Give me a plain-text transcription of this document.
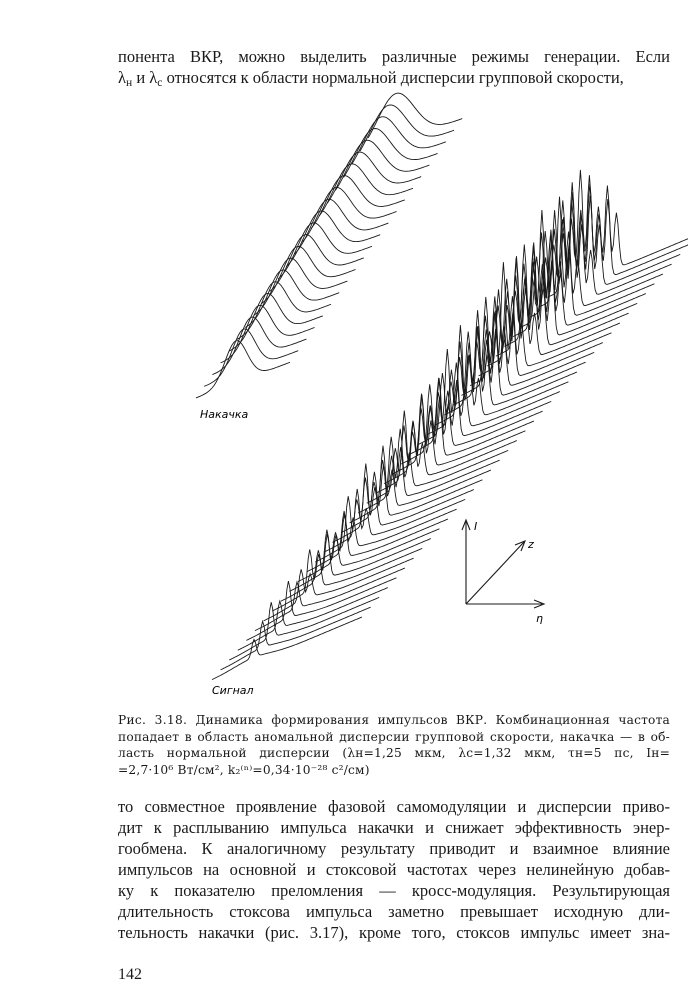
понента ВКР, можно выделить различные режимы генерации. Если
$\lambda_н$ и $\lambda_с$ относятся к области нормальной дисперсии групповой скорости,
I
z
η
Накачка
Сигнал
Рис. 3.18. Динамика формирования импульсов ВКР. Комбинационная частота
попадает в область аномальной дисперсии групповой скорости, накачка — в об-
ласть нормальной дисперсии (λн=1,25 мкм, λс=1,32 мкм, τн=5 пс, Iн=
=2,7·10⁶ Вт/см², k₂⁽ⁿ⁾=0,34·10⁻²⁸ с²/см)
то совместное проявление фазовой самомодуляции и дисперсии приво-
дит к расплыванию импульса накачки и снижает эффективность энер-
гообмена. К аналогичному результату приводит и взаимное влияние
импульсов на основной и стоксовой частотах через нелинейную добав-
ку к показателю преломления — кросс-модуляция. Результирующая
длительность стоксова импульса заметно превышает исходную дли-
тельность накачки (рис. 3.17), кроме того, стоксов импульс имеет зна-
142
